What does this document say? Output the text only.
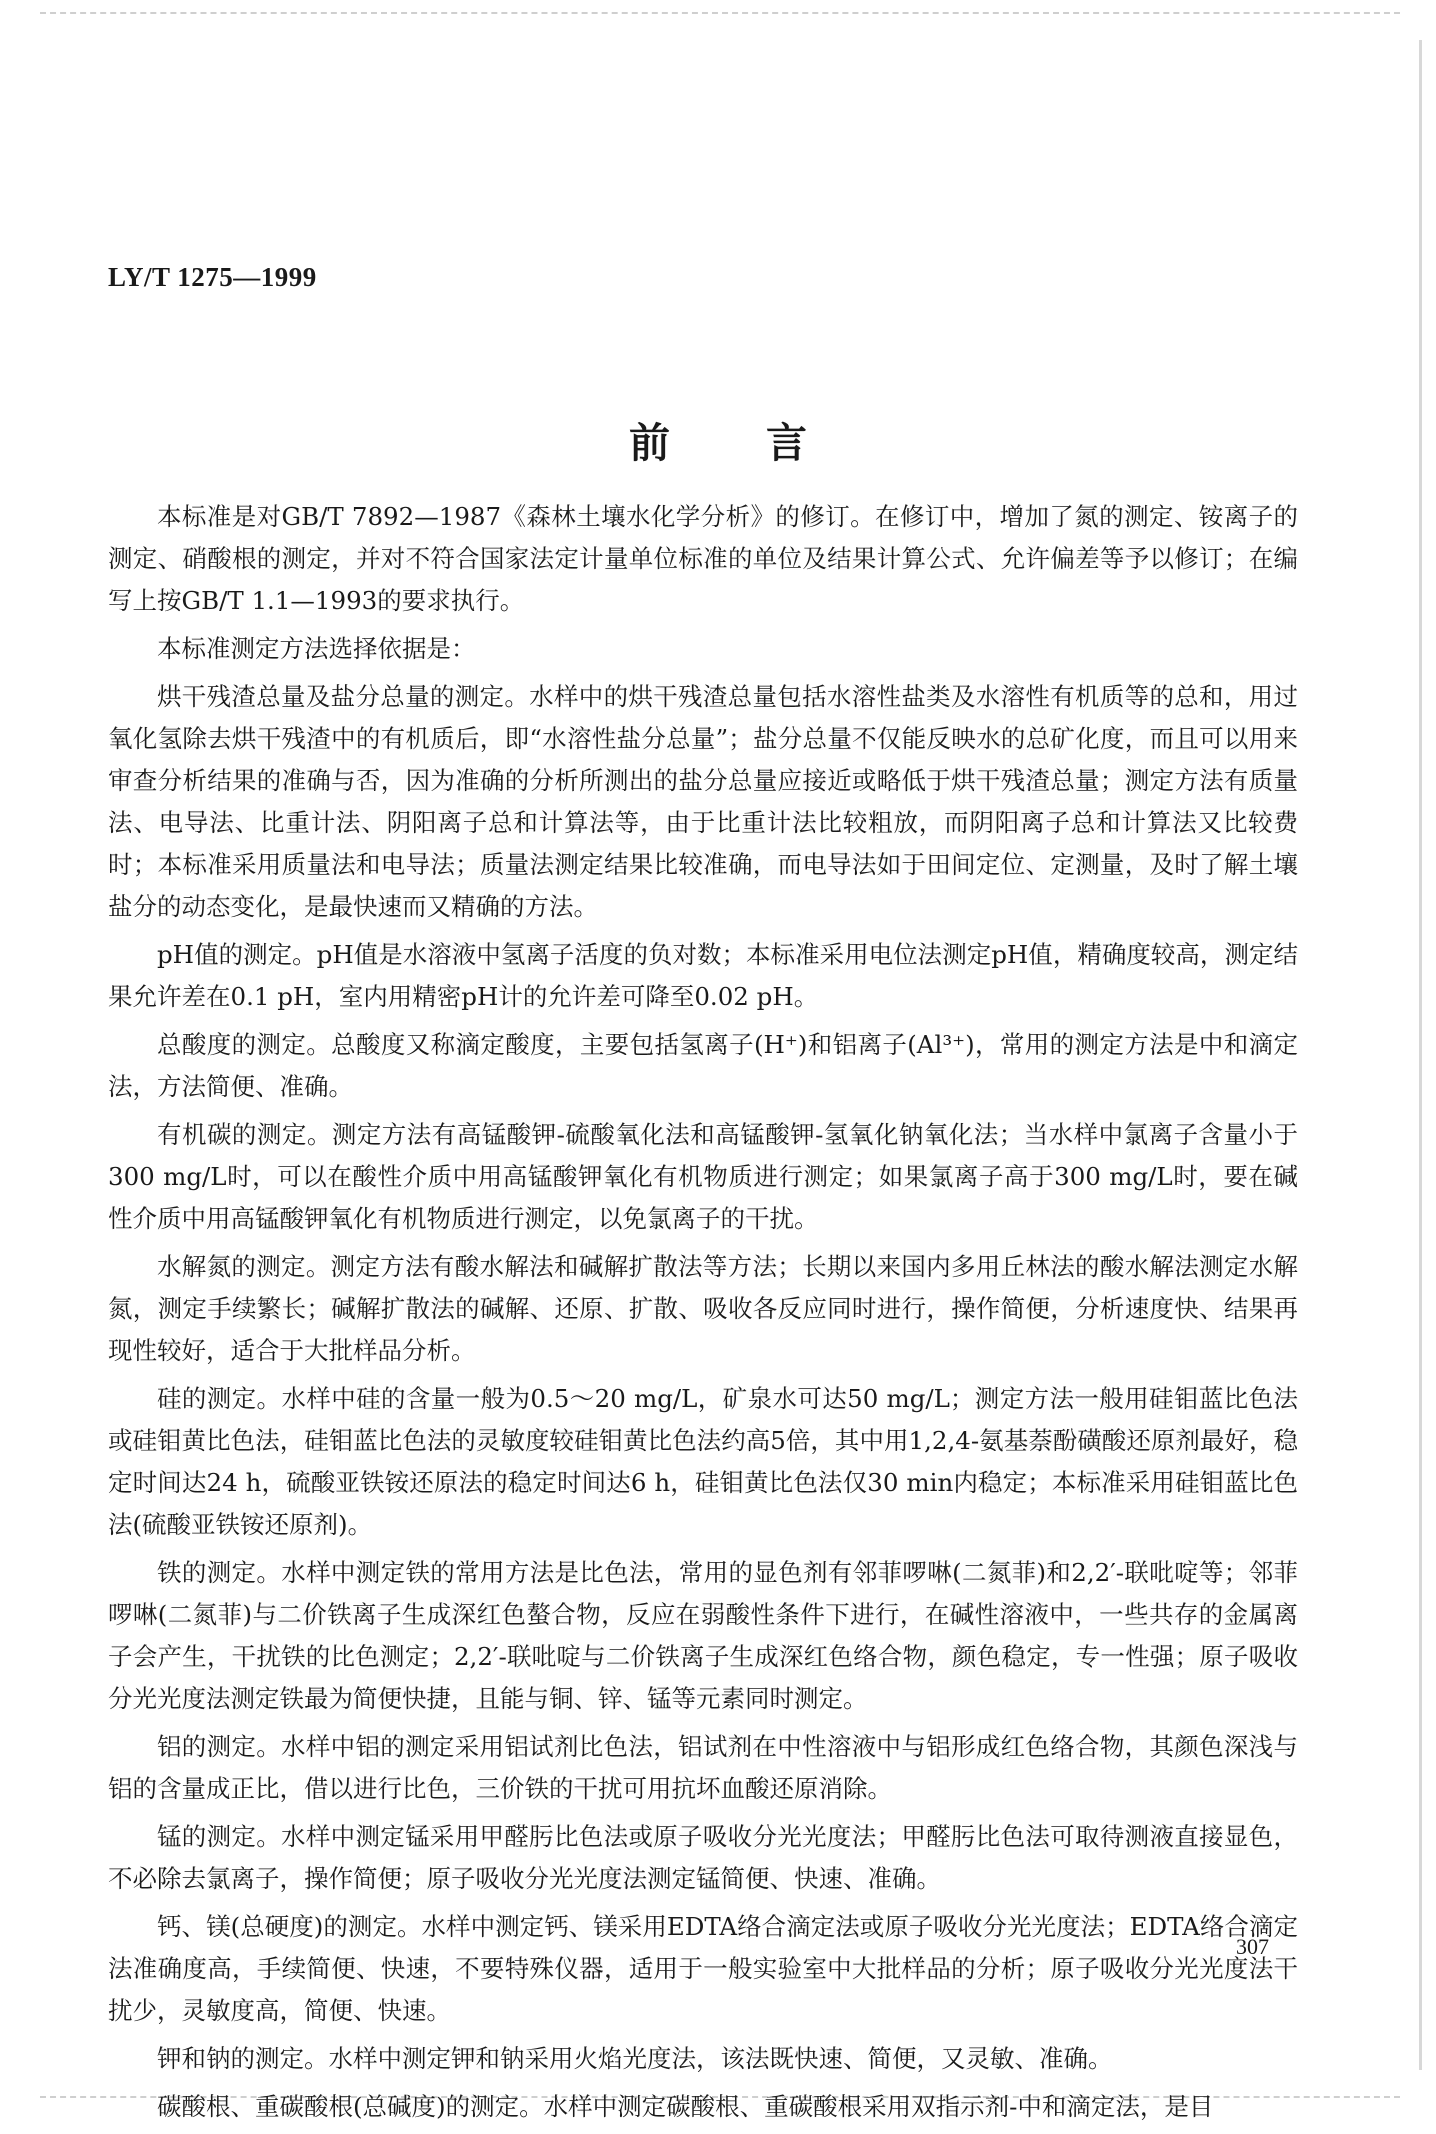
LY/T 1275—1999
前言

本标准是对GB/T 7892—1987《森林土壤水化学分析》的修订。在修订中，增加了氮的测定、铵离子的测定、硝酸根的测定，并对不符合国家法定计量单位标准的单位及结果计算公式、允许偏差等予以修订；在编写上按GB/T 1.1—1993的要求执行。

本标准测定方法选择依据是：

烘干残渣总量及盐分总量的测定。水样中的烘干残渣总量包括水溶性盐类及水溶性有机质等的总和，用过氧化氢除去烘干残渣中的有机质后，即“水溶性盐分总量”；盐分总量不仅能反映水的总矿化度，而且可以用来审查分析结果的准确与否，因为准确的分析所测出的盐分总量应接近或略低于烘干残渣总量；测定方法有质量法、电导法、比重计法、阴阳离子总和计算法等，由于比重计法比较粗放，而阴阳离子总和计算法又比较费时；本标准采用质量法和电导法；质量法测定结果比较准确，而电导法如于田间定位、定测量，及时了解土壤盐分的动态变化，是最快速而又精确的方法。

pH值的测定。pH值是水溶液中氢离子活度的负对数；本标准采用电位法测定pH值，精确度较高，测定结果允许差在0.1 pH，室内用精密pH计的允许差可降至0.02 pH。

总酸度的测定。总酸度又称滴定酸度，主要包括氢离子(H⁺)和铝离子(Al³⁺)，常用的测定方法是中和滴定法，方法简便、准确。

有机碳的测定。测定方法有高锰酸钾-硫酸氧化法和高锰酸钾-氢氧化钠氧化法；当水样中氯离子含量小于300 mg/L时，可以在酸性介质中用高锰酸钾氧化有机物质进行测定；如果氯离子高于300 mg/L时，要在碱性介质中用高锰酸钾氧化有机物质进行测定，以免氯离子的干扰。

水解氮的测定。测定方法有酸水解法和碱解扩散法等方法；长期以来国内多用丘林法的酸水解法测定水解氮，测定手续繁长；碱解扩散法的碱解、还原、扩散、吸收各反应同时进行，操作简便，分析速度快、结果再现性较好，适合于大批样品分析。

硅的测定。水样中硅的含量一般为0.5～20 mg/L，矿泉水可达50 mg/L；测定方法一般用硅钼蓝比色法或硅钼黄比色法，硅钼蓝比色法的灵敏度较硅钼黄比色法约高5倍，其中用1,2,4-氨基萘酚磺酸还原剂最好，稳定时间达24 h，硫酸亚铁铵还原法的稳定时间达6 h，硅钼黄比色法仅30 min内稳定；本标准采用硅钼蓝比色法(硫酸亚铁铵还原剂)。

铁的测定。水样中测定铁的常用方法是比色法，常用的显色剂有邻菲啰啉(二氮菲)和2,2′-联吡啶等；邻菲啰啉(二氮菲)与二价铁离子生成深红色螯合物，反应在弱酸性条件下进行，在碱性溶液中，一些共存的金属离子会产生，干扰铁的比色测定；2,2′-联吡啶与二价铁离子生成深红色络合物，颜色稳定，专一性强；原子吸收分光光度法测定铁最为简便快捷，且能与铜、锌、锰等元素同时测定。

铝的测定。水样中铝的测定采用铝试剂比色法，铝试剂在中性溶液中与铝形成红色络合物，其颜色深浅与铝的含量成正比，借以进行比色，三价铁的干扰可用抗坏血酸还原消除。

锰的测定。水样中测定锰采用甲醛肟比色法或原子吸收分光光度法；甲醛肟比色法可取待测液直接显色，不必除去氯离子，操作简便；原子吸收分光光度法测定锰简便、快速、准确。

钙、镁(总硬度)的测定。水样中测定钙、镁采用EDTA络合滴定法或原子吸收分光光度法；EDTA络合滴定法准确度高，手续简便、快速，不要特殊仪器，适用于一般实验室中大批样品的分析；原子吸收分光光度法干扰少，灵敏度高，简便、快速。

钾和钠的测定。水样中测定钾和钠采用火焰光度法，该法既快速、简便，又灵敏、准确。

碳酸根、重碳酸根(总碱度)的测定。水样中测定碳酸根、重碳酸根采用双指示剂-中和滴定法，是目

307
